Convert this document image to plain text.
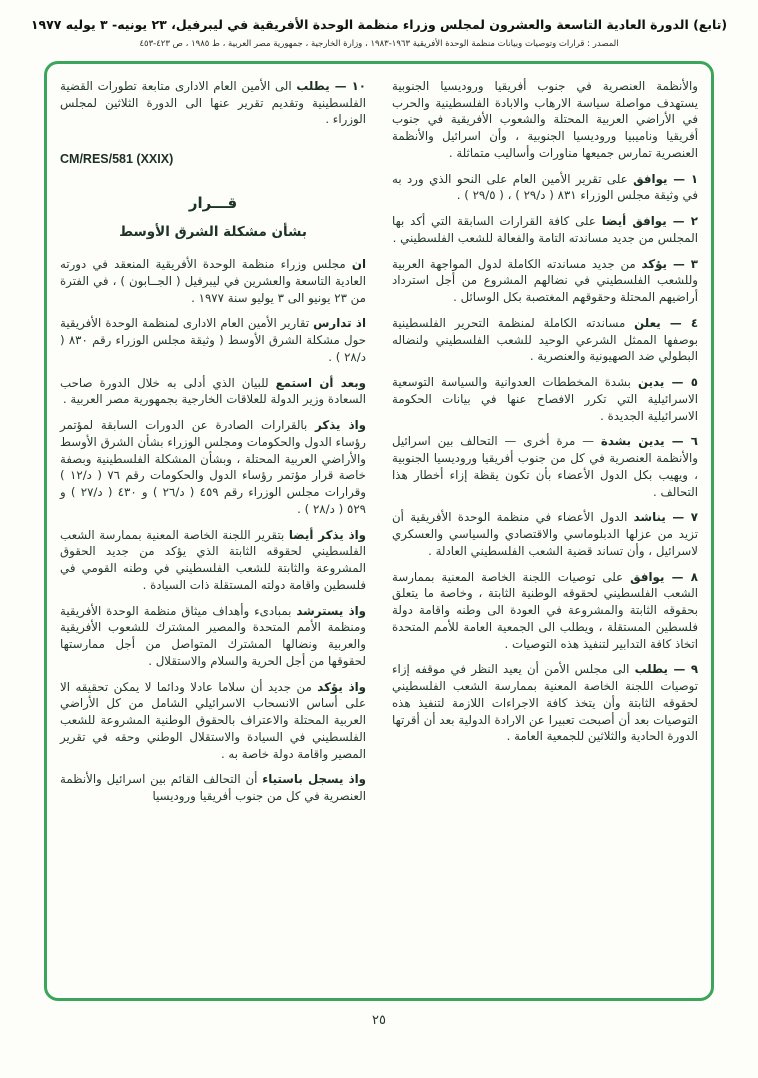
(تابع) الدورة العادية التاسعة والعشرون لمجلس وزراء منظمة الوحدة الأفريقية في ليبرفيل، ٢٣ يونيه- ٣ يوليه ١٩٧٧
المصدر : قرارات وتوصيات وبيانات منظمة الوحدة الأفريقية ١٩٦٣-١٩٨٣ ، وزارة الخارجية ، جمهورية مصر العربية ، ط ١٩٨٥ ، ص ٤٢٣-٤٥٣

والأنظمة العنصرية في جنوب أفريقيا وروديسيا الجنوبية يستهدف مواصلة سياسة الارهاب والابادة الفلسطينية والحرب في الأراضي العربية المحتلة والشعوب الأفريقية في جنوب أفريقيا وناميبيا وروديسيا الجنوبية ، وأن اسرائيل والأنظمة العنصرية تمارس جميعها مناورات وأساليب متماثلة .

١ — يوافق على تقرير الأمين العام على النحو الذي ورد به في وثيقة مجلس الوزراء ٨٣١ ( د/٢٩ ) ، ( ٢٩/٥ ) .

٢ — يوافق أيضا على كافة القرارات السابقة التي أكد بها المجلس من جديد مساندته التامة والفعالة للشعب الفلسطيني .

٣ — يؤكد من جديد مساندته الكاملة لدول المواجهة العربية وللشعب الفلسطيني في نضالهم المشروع من أجل استرداد أراضيهم المحتلة وحقوقهم المغتصبة بكل الوسائل .

٤ — يعلن مساندته الكاملة لمنظمة التحرير الفلسطينية بوصفها الممثل الشرعي الوحيد للشعب الفلسطيني ولنضاله البطولي ضد الصهيونية والعنصرية .

٥ — يدين بشدة المخططات العدوانية والسياسة التوسعية الاسرائيلية التي تكرر الافصاح عنها في بيانات الحكومة الاسرائيلية الجديدة .

٦ — يدين بشدة — مرة أخرى — التحالف بين اسرائيل والأنظمة العنصرية في كل من جنوب أفريقيا وروديسيا الجنوبية ، ويهيب بكل الدول الأعضاء بأن تكون يقظة إزاء أخطار هذا التحالف .

٧ — يناشد الدول الأعضاء في منظمة الوحدة الأفريقية أن تزيد من عزلها الدبلوماسي والاقتصادي والسياسي والعسكري لاسرائيل ، وأن تساند قضية الشعب الفلسطيني العادلة .

٨ — يوافق على توصيات اللجنة الخاصة المعنية بممارسة الشعب الفلسطيني لحقوقه الوطنية الثابتة ، وخاصة ما يتعلق بحقوقه الثابتة والمشروعة في العودة الى وطنه واقامة دولة فلسطين المستقلة ، ويطلب الى الجمعية العامة للأمم المتحدة اتخاذ كافة التدابير لتنفيذ هذه التوصيات .

٩ — يطلب الى مجلس الأمن أن يعيد النظر في موقفه إزاء توصيات اللجنة الخاصة المعنية بممارسة الشعب الفلسطيني لحقوقه الثابتة وأن يتخذ كافة الاجراءات اللازمة لتنفيذ هذه التوصيات بعد أن أصبحت تعبيرا عن الارادة الدولية بعد أن أقرتها الدورة الحادية والثلاثين للجمعية العامة .

١٠ — يطلب الى الأمين العام الادارى متابعة تطورات القضية الفلسطينية وتقديم تقرير عنها الى الدورة الثلاثين لمجلس الوزراء .

CM/RES/581 (XXIX)
قـــرار
بشأن مشكلة الشرق الأوسط

ان مجلس وزراء منظمة الوحدة الأفريقية المنعقد في دورته العادية التاسعة والعشرين في ليبرفيل ( الجــابون ) ، في الفترة من ٢٣ يونيو الى ٣ يوليو سنة ١٩٧٧ .

اذ تدارس تقارير الأمين العام الادارى لمنظمة الوحدة الأفريقية حول مشكلة الشرق الأوسط ( وثيقة مجلس الوزراء رقم ٨٣٠ ( د/٢٨ ) .

وبعد أن استمع للبيان الذي أدلى به خلال الدورة صاحب السعادة وزير الدولة للعلاقات الخارجية بجمهورية مصر العربية .

واذ يذكر بالقرارات الصادرة عن الدورات السابقة لمؤتمر رؤساء الدول والحكومات ومجلس الوزراء بشأن الشرق الأوسط والأراضي العربية المحتلة ، وبشأن المشكلة الفلسطينية وبصفة خاصة قرار مؤتمر رؤساء الدول والحكومات رقم ٧٦ ( د/١٢ ) وقرارات مجلس الوزراء رقم ٤٥٩ ( د/٢٦ ) و ٤٣٠ ( د/٢٧ ) و ٥٢٩ ( د/٢٨ ) .

واذ يذكر أيضا بتقرير اللجنة الخاصة المعنية بممارسة الشعب الفلسطيني لحقوقه الثابتة الذي يؤكد من جديد الحقوق المشروعة والثابتة للشعب الفلسطيني في وطنه القومي في فلسطين واقامة دولته المستقلة ذات السيادة .

واذ يسترشد بمبادىء وأهداف ميثاق منظمة الوحدة الأفريقية ومنظمة الأمم المتحدة والمصير المشترك للشعوب الأفريقية والعربية ونضالها المشترك المتواصل من أجل ممارستها لحقوقها من أجل الحرية والسلام والاستقلال .

واذ يؤكد من جديد أن سلاما عادلا ودائما لا يمكن تحقيقه الا على أساس الانسحاب الاسرائيلي الشامل من كل الأراضي العربية المحتلة والاعتراف بالحقوق الوطنية المشروعة للشعب الفلسطيني في السيادة والاستقلال الوطني وحقه في تقرير المصير واقامة دولة خاصة به .

واذ يسجل باستياء أن التحالف القائم بين اسرائيل والأنظمة العنصرية في كل من جنوب أفريقيا وروديسيا

٢٥
